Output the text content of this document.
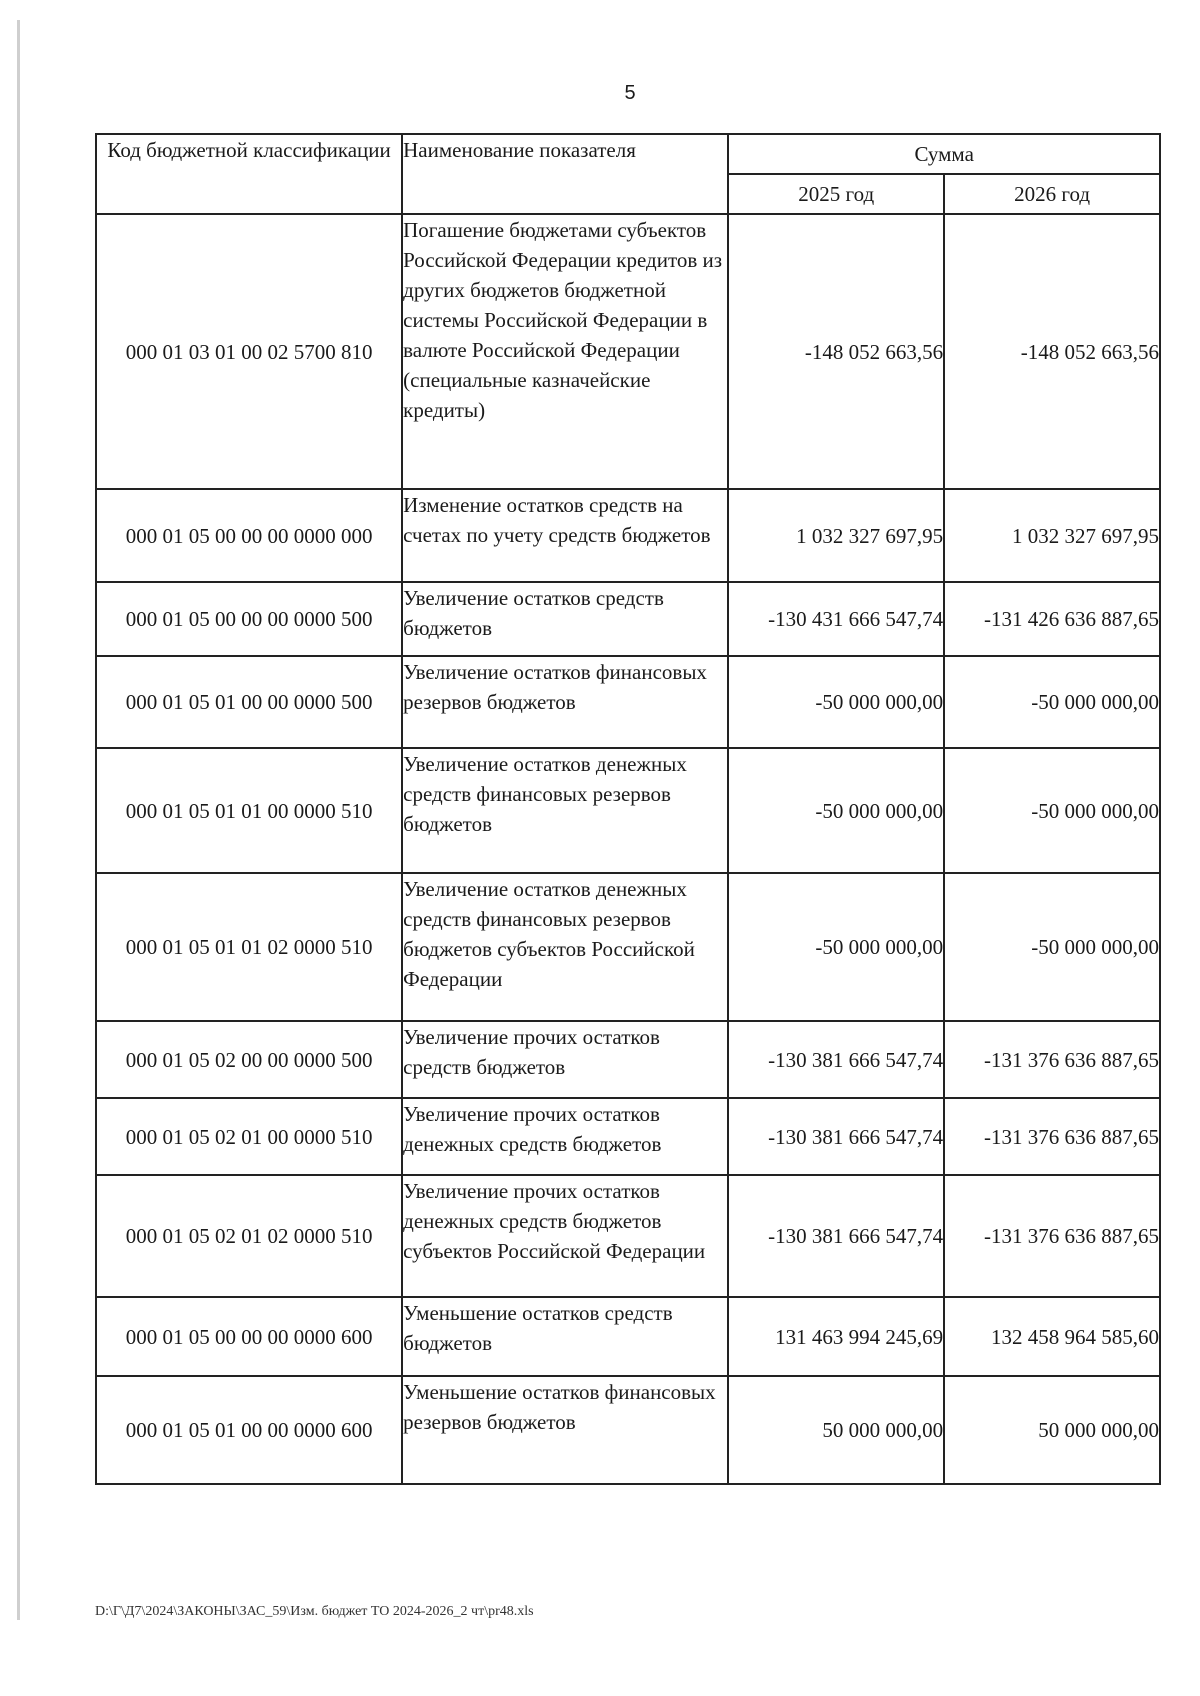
5
Код бюджетной классификации	Наименование показателя	Сумма	
		2025 год	2026 год
000 01 03 01 00 02 5700 810	Погашение бюджетами субъектов Российской Федерации кредитов из других бюджетов бюджетной системы Российской Федерации в валюте Российской Федерации (специальные казначейские кредиты)	-148 052 663,56	-148 052 663,56
000 01 05 00 00 00 0000 000	Изменение остатков средств на счетах по учету средств бюджетов	1 032 327 697,95	1 032 327 697,95
000 01 05 00 00 00 0000 500	Увеличение остатков средств бюджетов	-130 431 666 547,74	-131 426 636 887,65
000 01 05 01 00 00 0000 500	Увеличение остатков финансовых резервов бюджетов	-50 000 000,00	-50 000 000,00
000 01 05 01 01 00 0000 510	Увеличение остатков денежных средств финансовых резервов бюджетов	-50 000 000,00	-50 000 000,00
000 01 05 01 01 02 0000 510	Увеличение остатков денежных средств финансовых резервов бюджетов субъектов Российской Федерации	-50 000 000,00	-50 000 000,00
000 01 05 02 00 00 0000 500	Увеличение прочих остатков средств бюджетов	-130 381 666 547,74	-131 376 636 887,65
000 01 05 02 01 00 0000 510	Увеличение прочих остатков денежных средств бюджетов	-130 381 666 547,74	-131 376 636 887,65
000 01 05 02 01 02 0000 510	Увеличение прочих остатков денежных средств бюджетов субъектов Российской Федерации	-130 381 666 547,74	-131 376 636 887,65
000 01 05 00 00 00 0000 600	Уменьшение остатков средств бюджетов	131 463 994 245,69	132 458 964 585,60
000 01 05 01 00 00 0000 600	Уменьшение остатков финансовых резервов бюджетов	50 000 000,00	50 000 000,00
D:\Г\Д7\2024\ЗАКОНЫ\ЗАС_59\Изм. бюджет ТО 2024-2026_2 чт\pr48.xls
